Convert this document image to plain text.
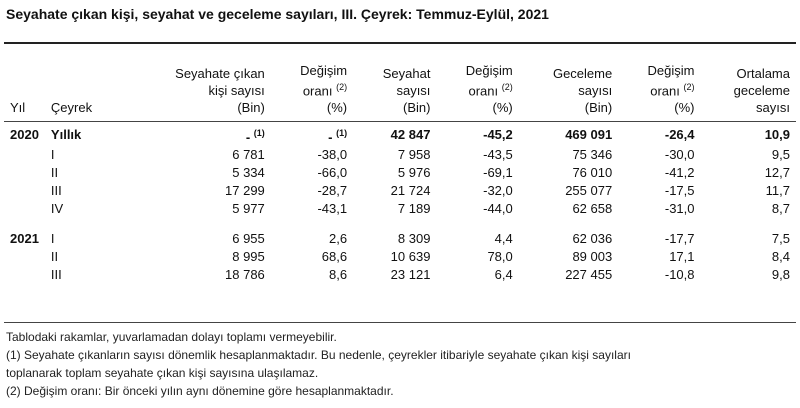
Seyahate çıkan kişi, seyahat ve geceleme sayıları, III. Çeyrek: Temmuz-Eylül, 2021
Yıl	Çeyrek	Seyahate çıkan
kişi sayısı
(Bin)	Değişim
oranı $^{(2)}$
(%)	Seyahat
sayısı
(Bin)	Değişim
oranı $^{(2)}$
(%)	Geceleme
sayısı
(Bin)	Değişim
oranı $^{(2)}$
(%)	Ortalama
geceleme
sayısı

2020	Yıllık	- $^{(1)}$	- $^{(1)}$	42 847	-45,2	469 091	-26,4	10,9
	I	6 781	-38,0	7 958	-43,5	75 346	-30,0	9,5
	II	5 334	-66,0	5 976	-69,1	76 010	-41,2	12,7
	III	17 299	-28,7	21 724	-32,0	255 077	-17,5	11,7
	IV	5 977	-43,1	7 189	-44,0	62 658	-31,0	8,7

2021	I	6 955	2,6	8 309	4,4	62 036	-17,7	7,5
	II	8 995	68,6	10 639	78,0	89 003	17,1	8,4
	III	18 786	8,6	23 121	6,4	227 455	-10,8	9,8
Tablodaki rakamlar, yuvarlamadan dolayı toplamı vermeyebilir.
(1) Seyahate çıkanların sayısı dönemlik hesaplanmaktadır. Bu nedenle, çeyrekler itibariyle seyahate çıkan kişi sayıları
toplanarak toplam seyahate çıkan kişi sayısına ulaşılamaz.
(2) Değişim oranı: Bir önceki yılın aynı dönemine göre hesaplanmaktadır.
